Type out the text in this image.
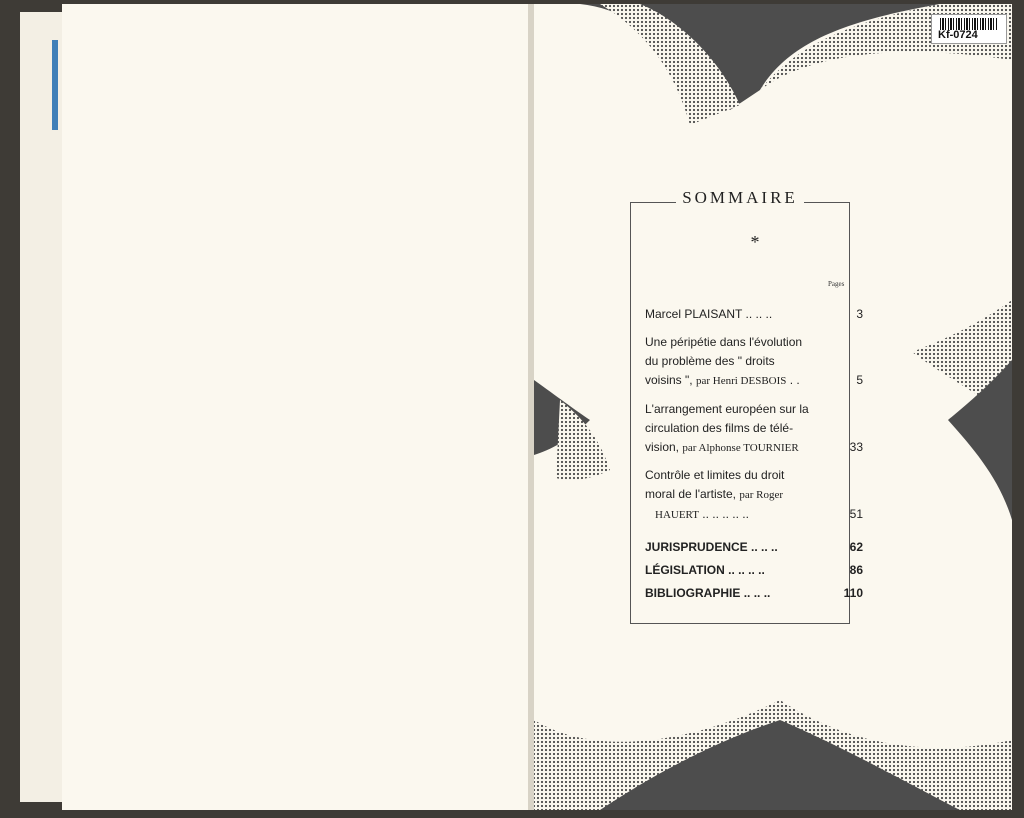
Kf-0724
SOMMAIRE
*
Pages
Marcel PLAISANT .. .. ..	3
Une péripétie dans l'évolution
du problème des " droits
voisins ", par Henri DESBOIS . .	5
L'arrangement européen sur la
circulation des films de télé-
vision, par Alphonse TOURNIER	33
Contrôle et limites du droit
moral de l'artiste, par Roger
HAUERT .. .. .. .. ..	51
JURISPRUDENCE .. .. ..	62
LÉGISLATION .. .. .. ..	86
BIBLIOGRAPHIE .. .. ..	110
